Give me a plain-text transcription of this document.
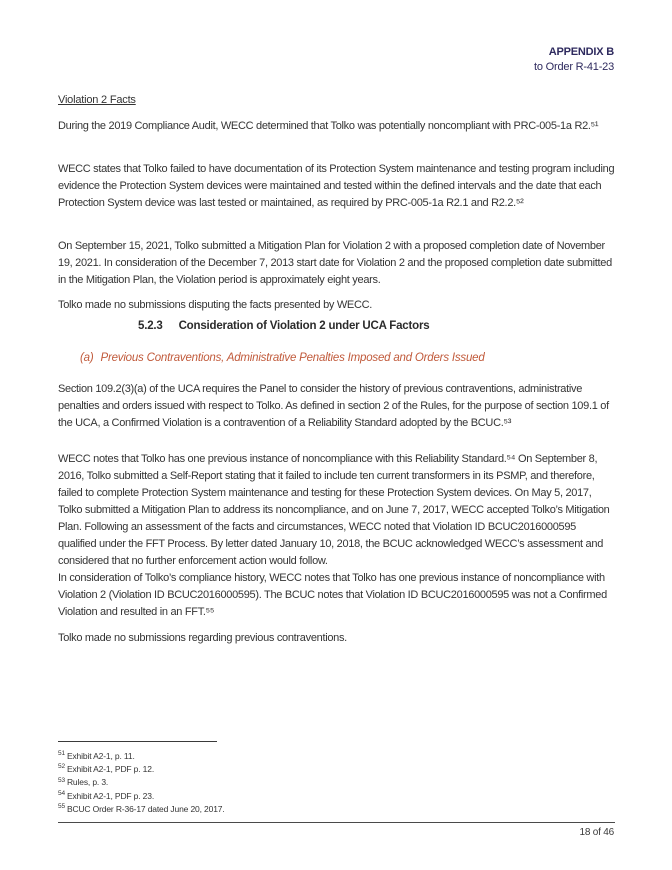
APPENDIX B
to Order R-41-23
Violation 2 Facts

During the 2019 Compliance Audit, WECC determined that Tolko was potentially noncompliant with PRC-005-1a R2.⁵¹

WECC states that Tolko failed to have documentation of its Protection System maintenance and testing program including evidence the Protection System devices were maintained and tested within the defined intervals and the date that each Protection System device was last tested or maintained, as required by PRC-005-1a R2.1 and R2.2.⁵²

On September 15, 2021, Tolko submitted a Mitigation Plan for Violation 2 with a proposed completion date of November 19, 2021. In consideration of the December 7, 2013 start date for Violation 2 and the proposed completion date submitted in the Mitigation Plan, the Violation period is approximately eight years.

Tolko made no submissions disputing the facts presented by WECC.

5.2.3 Consideration of Violation 2 under UCA Factors
(a) Previous Contraventions, Administrative Penalties Imposed and Orders Issued

Section 109.2(3)(a) of the UCA requires the Panel to consider the history of previous contraventions, administrative penalties and orders issued with respect to Tolko. As defined in section 2 of the Rules, for the purpose of section 109.1 of the UCA, a Confirmed Violation is a contravention of a Reliability Standard adopted by the BCUC.⁵³

WECC notes that Tolko has one previous instance of noncompliance with this Reliability Standard.⁵⁴ On September 8, 2016, Tolko submitted a Self-Report stating that it failed to include ten current transformers in its PSMP, and therefore, failed to complete Protection System maintenance and testing for these Protection System devices. On May 5, 2017, Tolko submitted a Mitigation Plan to address its noncompliance, and on June 7, 2017, WECC accepted Tolko’s Mitigation Plan. Following an assessment of the facts and circumstances, WECC noted that Violation ID BCUC2016000595 qualified under the FFT Process. By letter dated January 10, 2018, the BCUC acknowledged WECC’s assessment and considered that no further enforcement action would follow.

In consideration of Tolko’s compliance history, WECC notes that Tolko has one previous instance of noncompliance with Violation 2 (Violation ID BCUC2016000595). The BCUC notes that Violation ID BCUC2016000595 was not a Confirmed Violation and resulted in an FFT.⁵⁵

Tolko made no submissions regarding previous contraventions.

$^{51}$ Exhibit A2-1, p. 11.
$^{52}$ Exhibit A2-1, PDF p. 12.
$^{53}$ Rules, p. 3.
$^{54}$ Exhibit A2-1, PDF p. 23.
$^{55}$ BCUC Order R-36-17 dated June 20, 2017.
18 of 46
